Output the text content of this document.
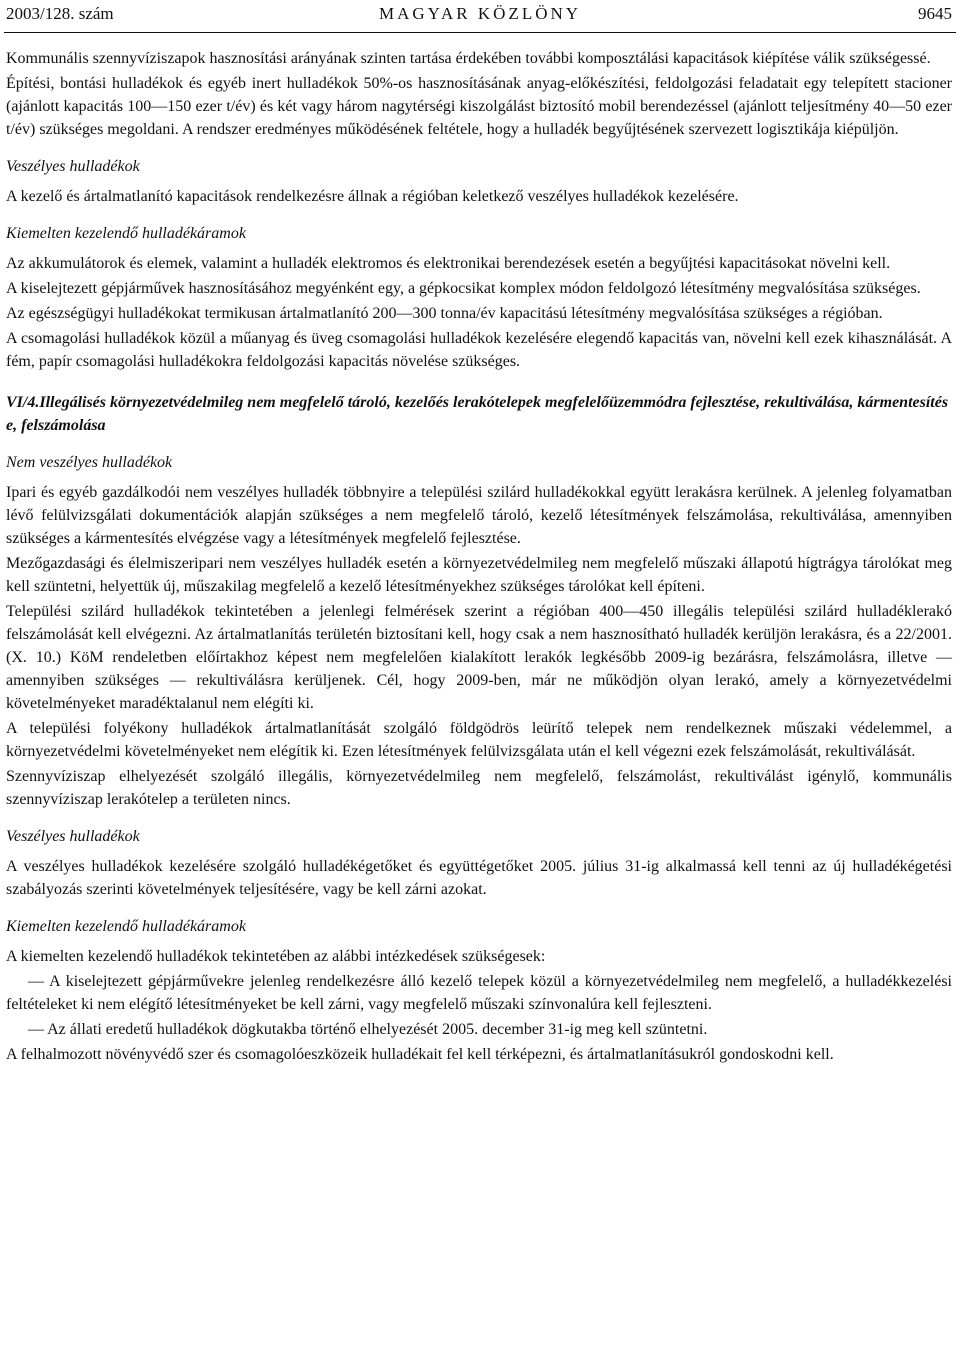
2003/128. szám	MAGYAR KÖZLÖNY	9645

Kommunális szennyvíziszapok hasznosítási arányának szinten tartása érdekében további komposztálási kapacitások kiépítése válik szükségessé.

Építési, bontási hulladékok és egyéb inert hulladékok 50%-os hasznosításának anyag-előkészítési, feldolgozási feladatait egy telepített stacioner (ajánlott kapacitás 100—150 ezer t/év) és két vagy három nagytérségi kiszolgálást biztosító mobil berendezéssel (ajánlott teljesítmény 40—50 ezer t/év) szükséges megoldani. A rendszer eredményes működésének feltétele, hogy a hulladék begyűjtésének szervezett logisztikája kiépüljön.

Veszélyes hulladékok

A kezelő és ártalmatlanító kapacitások rendelkezésre állnak a régióban keletkező veszélyes hulladékok kezelésére.

Kiemelten kezelendő hulladékáramok

Az akkumulátorok és elemek, valamint a hulladék elektromos és elektronikai berendezések esetén a begyűjtési kapacitásokat növelni kell.

A kiselejtezett gépjárművek hasznosításához megyénként egy, a gépkocsikat komplex módon feldolgozó létesítmény megvalósítása szükséges.

Az egészségügyi hulladékokat termikusan ártalmatlanító 200—300 tonna/év kapacitású létesítmény megvalósítása szükséges a régióban.

A csomagolási hulladékok közül a műanyag és üveg csomagolási hulladékok kezelésére elegendő kapacitás van, növelni kell ezek kihasználását. A fém, papír csomagolási hulladékokra feldolgozási kapacitás növelése szükséges.

VI/4.Illegálisés környezetvédelmileg nem megfelelő tároló, kezelőés lerakótelepek megfelelőüzemmódra fejlesztése, rekultiválása, kármentesítése, felszámolása
Nem veszélyes hulladékok

Ipari és egyéb gazdálkodói nem veszélyes hulladék többnyire a települési szilárd hulladékokkal együtt lerakásra kerülnek. A jelenleg folyamatban lévő felülvizsgálati dokumentációk alapján szükséges a nem megfelelő tároló, kezelő létesítmények felszámolása, rekultiválása, amennyiben szükséges a kármentesítés elvégzése vagy a létesítmények megfelelő fejlesztése.

Mezőgazdasági és élelmiszeripari nem veszélyes hulladék esetén a környezetvédelmileg nem megfelelő műszaki állapotú hígtrágya tárolókat meg kell szüntetni, helyettük új, műszakilag megfelelő a kezelő létesítményekhez szükséges tárolókat kell építeni.

Települési szilárd hulladékok tekintetében a jelenlegi felmérések szerint a régióban 400—450 illegális települési szilárd hulladéklerakó felszámolását kell elvégezni. Az ártalmatlanítás területén biztosítani kell, hogy csak a nem hasznosítható hulladék kerüljön lerakásra, és a 22/2001. (X. 10.) KöM rendeletben előírtakhoz képest nem megfelelően kialakított lerakók legkésőbb 2009-ig bezárásra, felszámolásra, illetve — amennyiben szükséges — rekultiválásra kerüljenek. Cél, hogy 2009-ben, már ne működjön olyan lerakó, amely a környezetvédelmi követelményeket maradéktalanul nem elégíti ki.

A települési folyékony hulladékok ártalmatlanítását szolgáló földgödrös leürítő telepek nem rendelkeznek műszaki védelemmel, a környezetvédelmi követelményeket nem elégítik ki. Ezen létesítmények felülvizsgálata után el kell végezni ezek felszámolását, rekultiválását.

Szennyvíziszap elhelyezését szolgáló illegális, környezetvédelmileg nem megfelelő, felszámolást, rekultiválást igénylő, kommunális szennyvíziszap lerakótelep a területen nincs.

Veszélyes hulladékok

A veszélyes hulladékok kezelésére szolgáló hulladékégetőket és együttégetőket 2005. július 31-ig alkalmassá kell tenni az új hulladékégetési szabályozás szerinti követelmények teljesítésére, vagy be kell zárni azokat.

Kiemelten kezelendő hulladékáramok

A kiemelten kezelendő hulladékok tekintetében az alábbi intézkedések szükségesek:

— A kiselejtezett gépjárművekre jelenleg rendelkezésre álló kezelő telepek közül a környezetvédelmileg nem megfelelő, a hulladékkezelési feltételeket ki nem elégítő létesítményeket be kell zárni, vagy megfelelő műszaki színvonalúra kell fejleszteni.

— Az állati eredetű hulladékok dögkutakba történő elhelyezését 2005. december 31-ig meg kell szüntetni.

A felhalmozott növényvédő szer és csomagolóeszközeik hulladékait fel kell térképezni, és ártalmatlanításukról gondoskodni kell.
